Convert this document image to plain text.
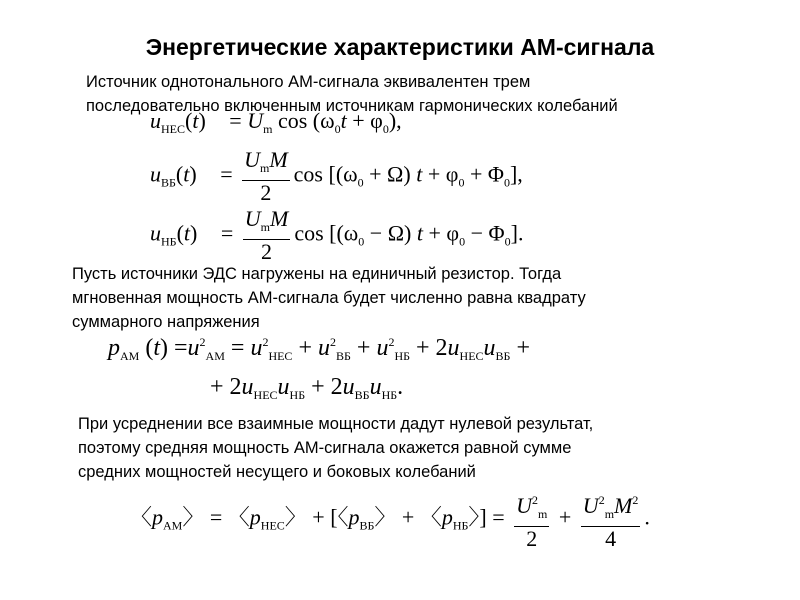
Энергетические характеристики АМ-сигнала
Источник однотонального АМ-сигнала эквивалентен трем
последовательно включенным источникам гармонических колебаний
$u_{НЕС}(t) = U_m$ $\cos (\omega_0t + \varphi_0)$,
$u_{ВБ}(t) = \frac{U_mM}{2}$ $\cos [(\omega_0 + \Omega) t + \varphi_0 + \Phi_0]$,
$u_{НБ}(t) = \frac{U_mM}{2}$ $\cos [(\omega_0 - \Omega) t + \varphi_0 - \Phi_0]$.
Пусть источники ЭДС нагружены на единичный резистор. Тогда
мгновенная мощность АМ-сигнала будет численно равна квадрату
суммарного напряжения
$p_{АМ}$ $(t) =u^2_{АМ} = u^2_{НЕС} + u^2_{ВБ} + u^2_{НБ} + 2u_{НЕС}u_{ВБ}$ +
+ $2u_{НЕС}u_{НБ} + 2u_{ВБ}u_{НБ}$.
При усреднении все взаимные мощности дадут нулевой результат,
поэтому средняя мощность АМ-сигнала окажется равной сумме
средних мощностей несущего и боковых колебаний
〈$p_{АМ}$〉 = 〈$p_{НЕС}$〉 + [〈$p_{ВБ}$〉 + 〈$p_{НБ}$〉] = $\frac{U^2_m}{2} + \frac{U^2_mM^2}{4}$ .
